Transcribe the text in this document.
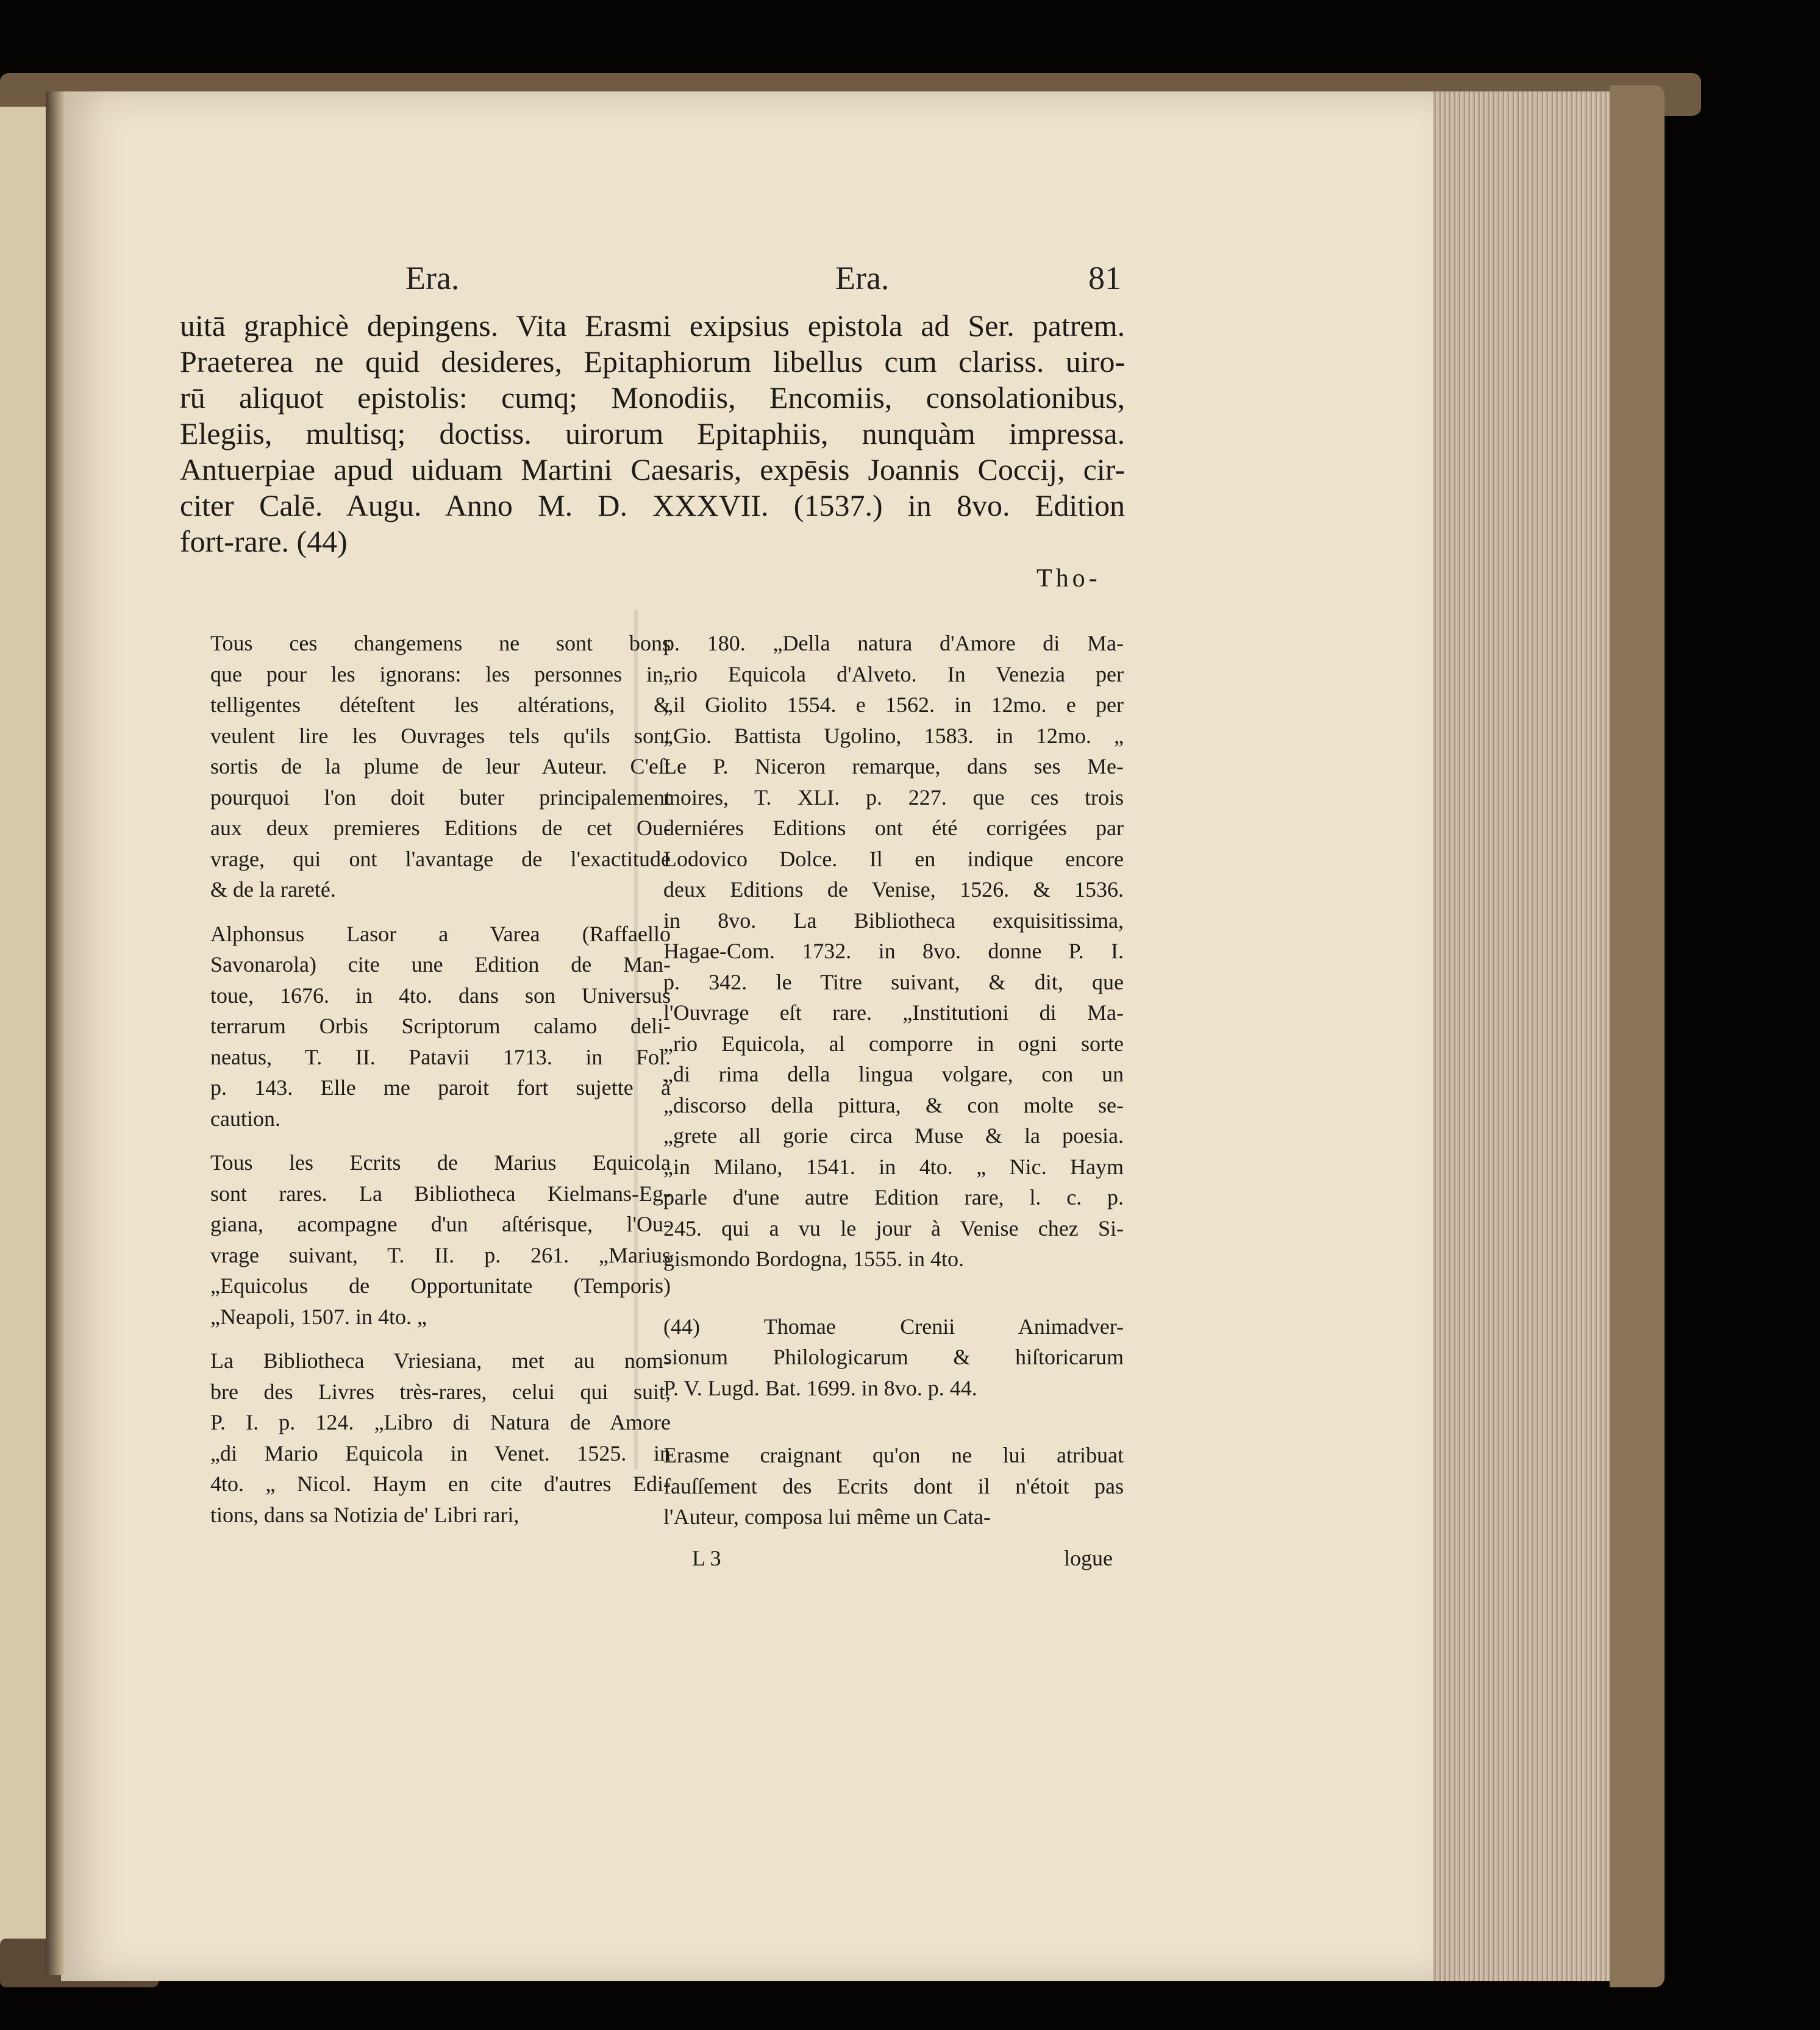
Era.	Era.	81
uitā graphicè depingens. Vita Erasmi exipsius epistola ad Ser. patrem.
Praeterea ne quid desideres, Epitaphiorum libellus cum clariss. uiro-
rū aliquot epistolis: cumq; Monodiis, Encomiis, consolationibus,
Elegiis, multisq; doctiss. uirorum Epitaphiis, nunquàm impressa.
Antuerpiae apud uiduam Martini Caesaris, expēsis Joannis Coccij, cir-
citer Calē. Augu. Anno M. D. XXXVII. (1537.) in 8vo. Edition
fort-rare. (44)
Tho-
Tous ces changemens ne sont bons
que pour les ignorans: les personnes in-
telligentes déteſtent les altérations, &
veulent lire les Ouvrages tels qu'ils sont
sortis de la plume de leur Auteur. C'eſt
pourquoi l'on doit buter principalement
aux deux premieres Editions de cet Ou-
vrage, qui ont l'avantage de l'exactitude
& de la rareté.
Alphonsus Lasor a Varea (Raffaello
Savonarola) cite une Edition de Man-
toue, 1676. in 4to. dans son Universus
terrarum Orbis Scriptorum calamo deli-
neatus, T. II. Patavii 1713. in Fol.
p. 143. Elle me paroit fort sujette à
caution.
Tous les Ecrits de Marius Equicola
sont rares. La Bibliotheca Kielmans-Eg-
giana, acompagne d'un aſtérisque, l'Ou-
vrage suivant, T. II. p. 261. „Marius
„Equicolus de Opportunitate (Temporis)
„Neapoli, 1507. in 4to. „
La Bibliotheca Vriesiana, met au nom-
bre des Livres très-rares, celui qui suit,
P. I. p. 124. „Libro di Natura de Amore
„di Mario Equicola in Venet. 1525. in
4to. „ Nicol. Haym en cite d'autres Edi-
tions, dans sa Notizia de' Libri rari,
p. 180. „Della natura d'Amore di Ma-
„rio Equicola d'Alveto. In Venezia per
„il Giolito 1554. e 1562. in 12mo. e per
„Gio. Battista Ugolino, 1583. in 12mo. „
Le P. Niceron remarque, dans ses Me-
moires, T. XLI. p. 227. que ces trois
derniéres Editions ont été corrigées par
Lodovico Dolce. Il en indique encore
deux Editions de Venise, 1526. & 1536.
in 8vo. La Bibliotheca exquisitissima,
Hagae-Com. 1732. in 8vo. donne P. I.
p. 342. le Titre suivant, & dit, que
l'Ouvrage eſt rare. „Institutioni di Ma-
„rio Equicola, al comporre in ogni sorte
„di rima della lingua volgare, con un
„discorso della pittura, & con molte se-
„grete all gorie circa Muse & la poesia.
„in Milano, 1541. in 4to. „ Nic. Haym
parle d'une autre Edition rare, l. c. p.
245. qui a vu le jour à Venise chez Si-
gismondo Bordogna, 1555. in 4to.
(44) Thomae Crenii Animadver-
sionum Philologicarum & hiſtoricarum
P. V. Lugd. Bat. 1699. in 8vo. p. 44.
Erasme craignant qu'on ne lui atribuat
fauſſement des Ecrits dont il n'étoit pas
l'Auteur, composa lui même un Cata-
L 3	logue
